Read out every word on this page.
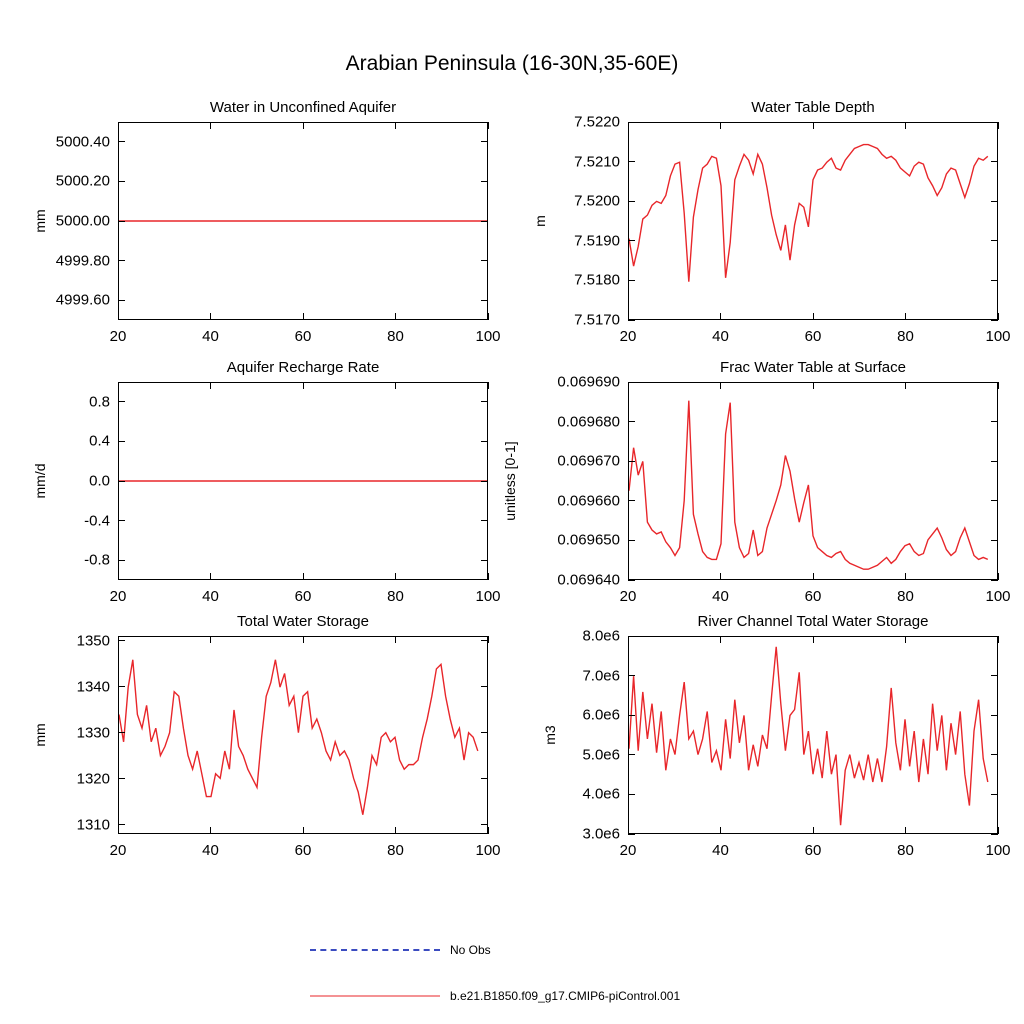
Arabian Peninsula (16-30N,35-60E)
Water in Unconfined Aquifer	Water Table Depth
Aquifer Recharge Rate	Frac Water Table at Surface
Total Water Storage	River Channel Total Water Storage
4999.60
4999.80
5000.00
5000.20
5000.40
20	40	60	80	100
mm
7.5170
7.5180
7.5190
7.5200
7.5210
7.5220
20	40	60	80	100
m
-0.8
-0.4
0.0
0.4
0.8
20	40	60	80	100
mm/d
0.069640
0.069650
0.069660
0.069670
0.069680
0.069690
20	40	60	80	100
unitless [0-1]
1310
1320
1330
1340
1350
20	40	60	80	100
mm
3.0e6
4.0e6
5.0e6
6.0e6
7.0e6
8.0e6
20	40	60	80	100
m3
No Obs
b.e21.B1850.f09_g17.CMIP6-piControl.001
